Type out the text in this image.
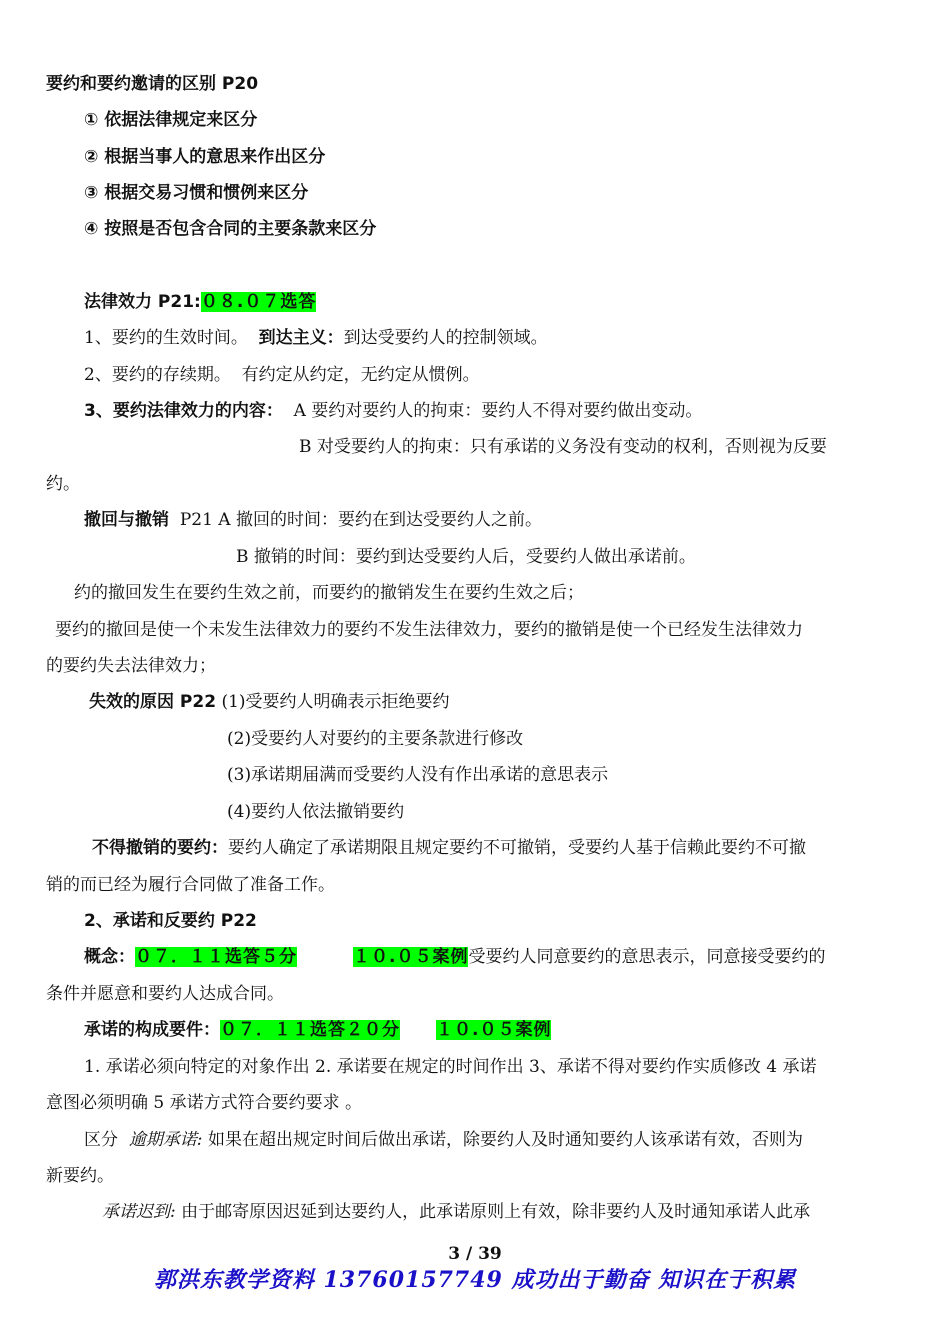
要约和要约邀请的区别 P20
① 依据法律规定来区分
② 根据当事人的意思来作出区分
③ 根据交易习惯和惯例来区分
④ 按照是否包含合同的主要条款来区分
法律效力 P21:０８.０７选答
1、要约的生效时间。 到达主义：到达受要约人的控制领域。
2、要约的存续期。 有约定从约定，无约定从惯例。
3、要约法律效力的内容： A 要约对要约人的拘束：要约人不得对要约做出变动。
B 对受要约人的拘束：只有承诺的义务没有变动的权利，否则视为反要
约。
撤回与撤销 P21 A 撤回的时间：要约在到达受要约人之前。
B 撤销的时间：要约到达受要约人后，受要约人做出承诺前。
约的撤回发生在要约生效之前，而要约的撤销发生在要约生效之后；
要约的撤回是使一个未发生法律效力的要约不发生法律效力，要约的撤销是使一个已经发生法律效力
的要约失去法律效力；
失效的原因 P22 (1)受要约人明确表示拒绝要约
(2)受要约人对要约的主要条款进行修改
(3)承诺期届满而受要约人没有作出承诺的意思表示
(4)要约人依法撤销要约
不得撤销的要约：要约人确定了承诺期限且规定要约不可撤销，受要约人基于信赖此要约不可撤
销的而已经为履行合同做了准备工作。
2、承诺和反要约 P22
概念：０７．１１选答５分	１０.０５案例受要约人同意要约的意思表示，同意接受要约的
条件并愿意和要约人达成合同。
承诺的构成要件：０７．１１选答２０分 １０.０５案例
1. 承诺必须向特定的对象作出 2. 承诺要在规定的时间作出 3、承诺不得对要约作实质修改 4 承诺
意图必须明确 5 承诺方式符合要约要求 。
区分 逾期承诺: 如果在超出规定时间后做出承诺，除要约人及时通知要约人该承诺有效，否则为
新要约。
承诺迟到: 由于邮寄原因迟延到达要约人，此承诺原则上有效，除非要约人及时通知承诺人此承
3 / 39
郭洪东教学资料 13760157749 成功出于勤奋 知识在于积累
